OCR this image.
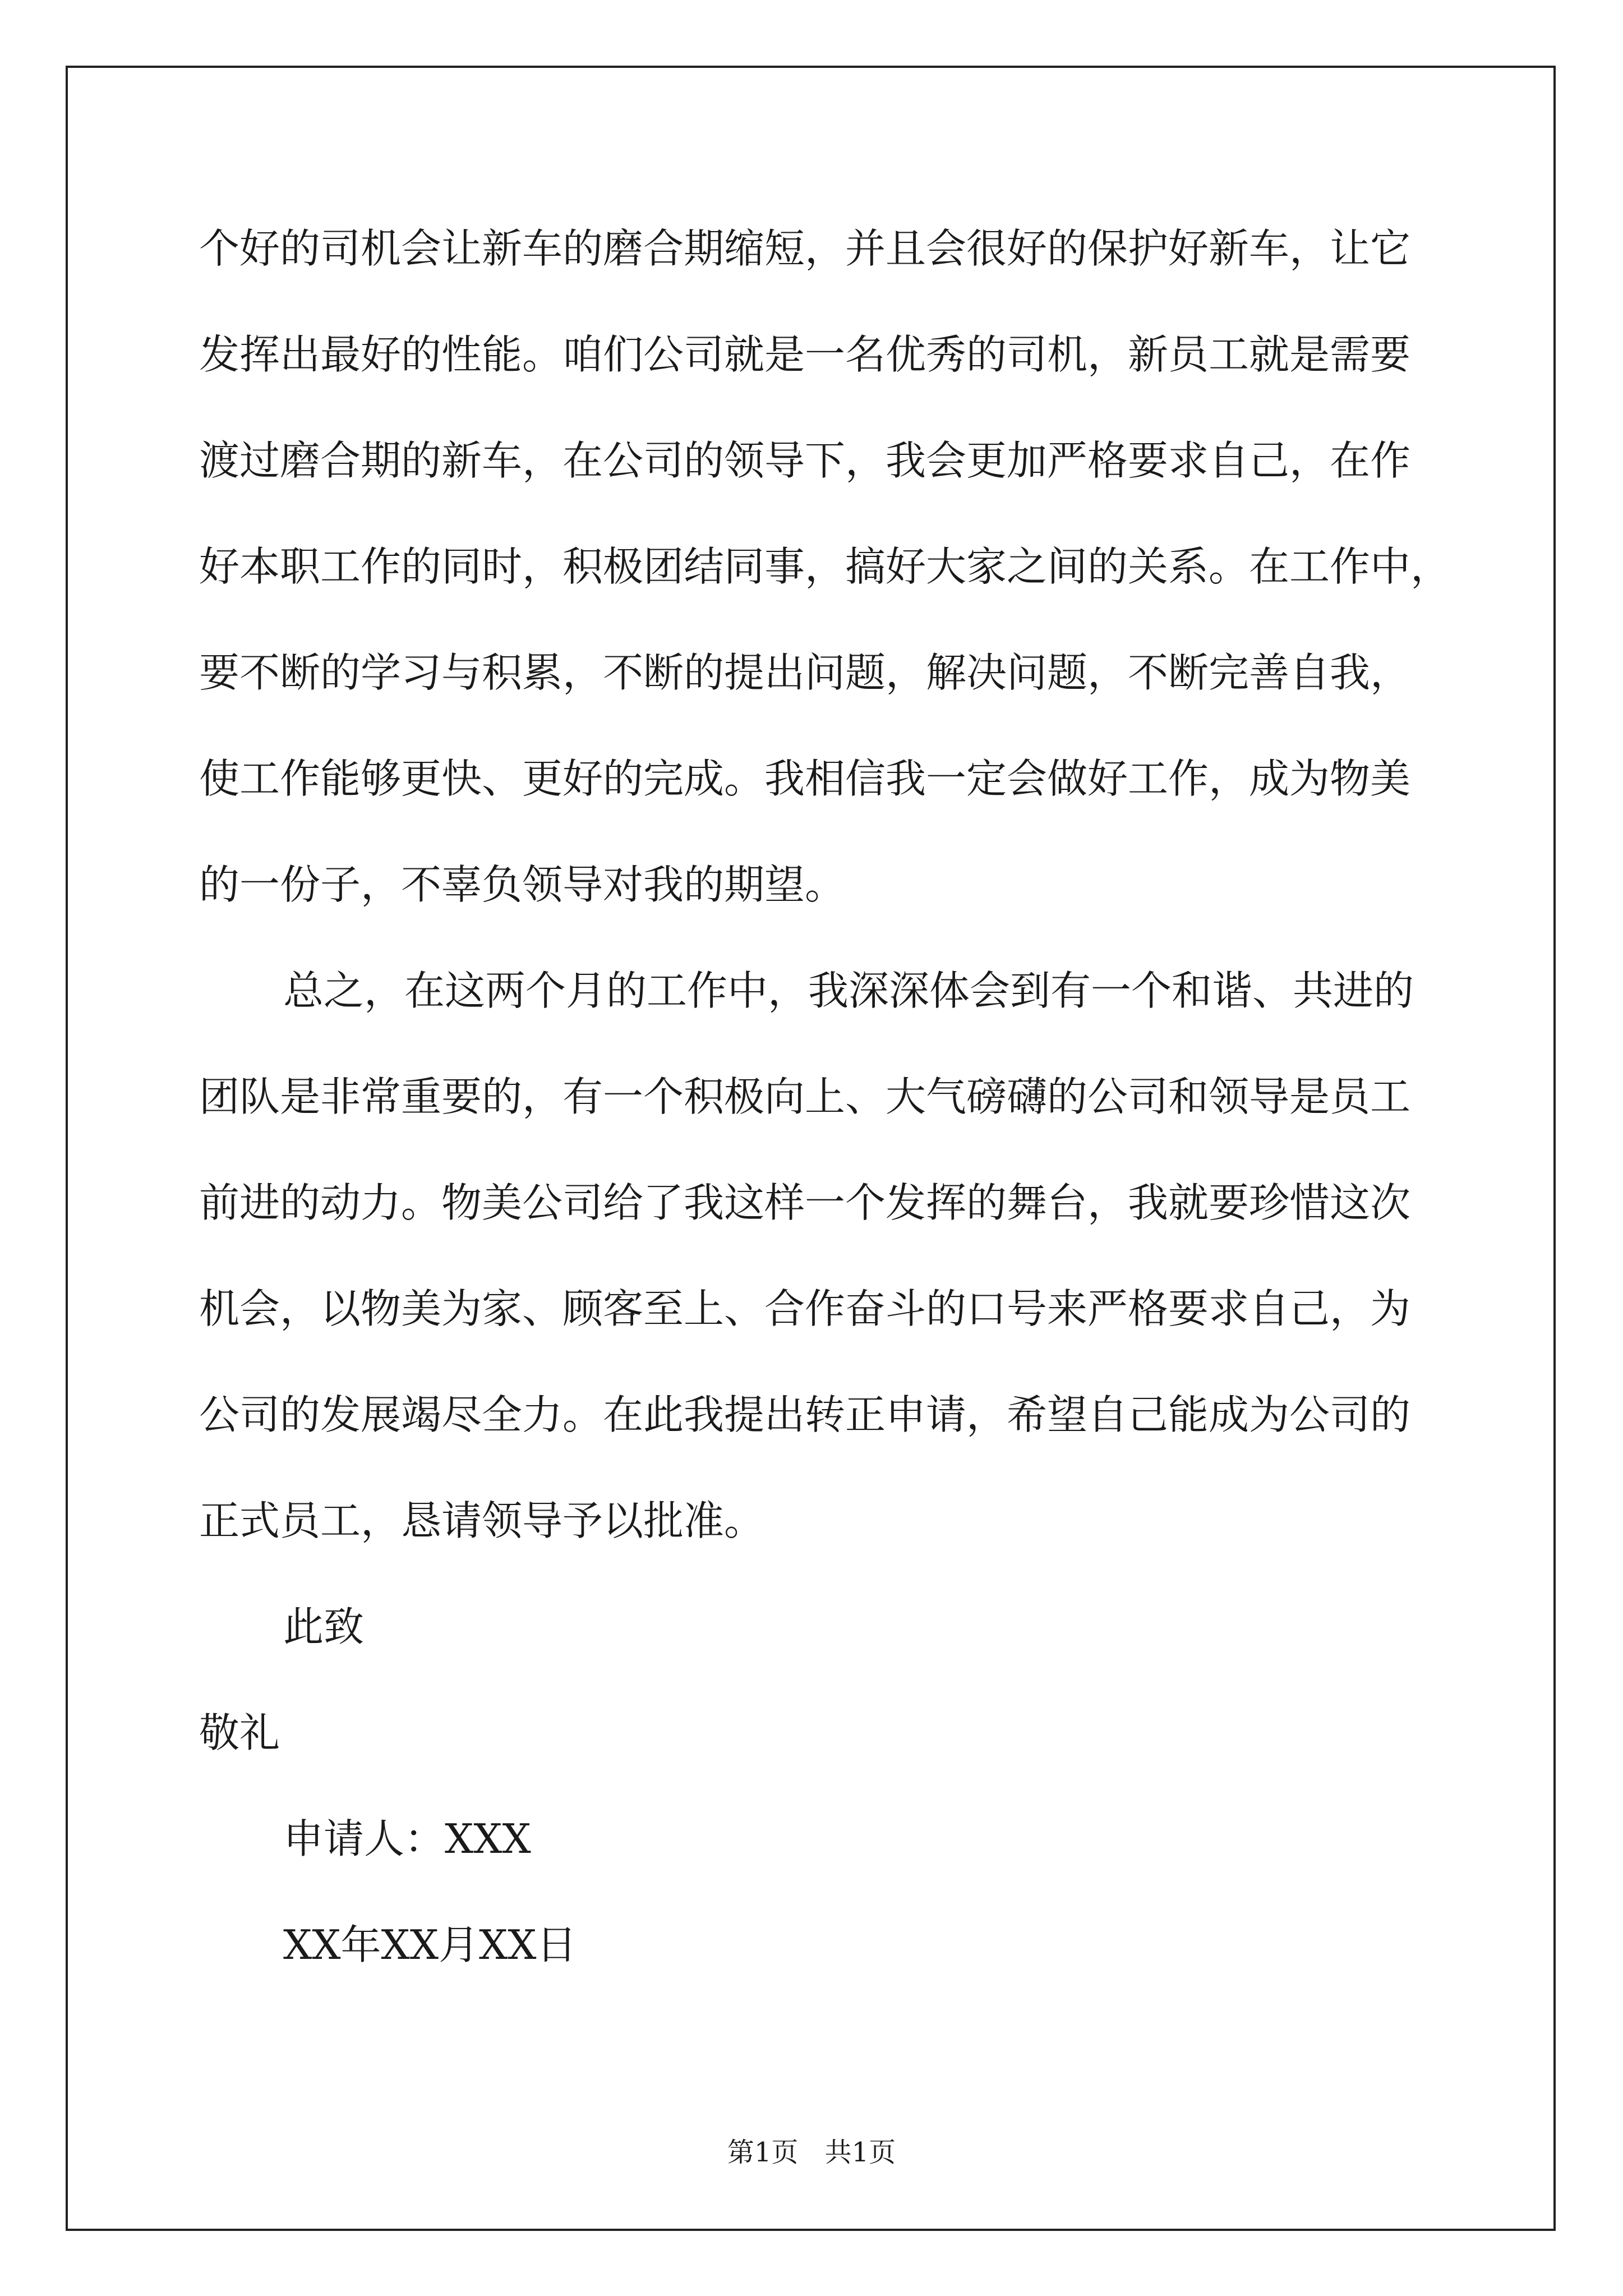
个好的司机会让新车的磨合期缩短，并且会很好的保护好新车，让它
发挥出最好的性能。咱们公司就是一名优秀的司机，新员工就是需要
渡过磨合期的新车，在公司的领导下，我会更加严格要求自己，在作
好本职工作的同时，积极团结同事，搞好大家之间的关系。在工作中，
要不断的学习与积累，不断的提出问题，解决问题，不断完善自我，
使工作能够更快、更好的完成。我相信我一定会做好工作，成为物美
的一份子，不辜负领导对我的期望。
总之，在这两个月的工作中，我深深体会到有一个和谐、共进的
团队是非常重要的，有一个积极向上、大气磅礴的公司和领导是员工
前进的动力。物美公司给了我这样一个发挥的舞台，我就要珍惜这次
机会，以物美为家、顾客至上、合作奋斗的口号来严格要求自己，为
公司的发展竭尽全力。在此我提出转正申请，希望自己能成为公司的
正式员工，恳请领导予以批准。
此致
敬礼
申请人：XXX
XX年XX月XX日
第1页 共1页
